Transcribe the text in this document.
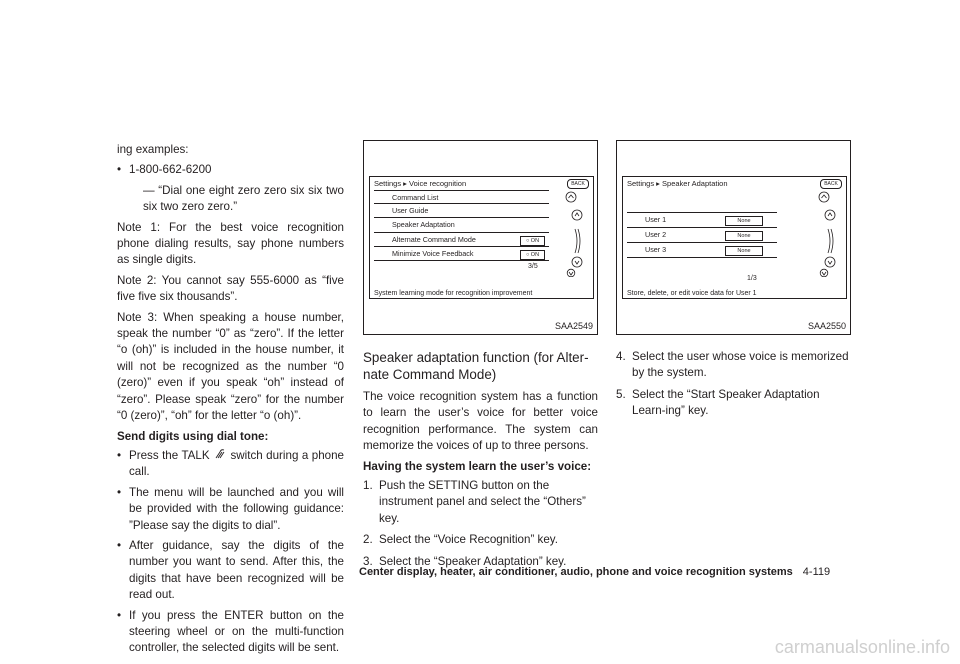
ing examples:

• 1-800-662-6200
— “Dial one eight zero zero six six two six two zero zero.”

Note 1: For the best voice recognition phone dialing results, say phone numbers as single digits.

Note 2: You cannot say 555-6000 as “five five five six thousands”.

Note 3: When speaking a house number, speak the number “0” as “zero”. If the letter “o (oh)” is included in the house number, it will not be recognized as the number “0 (zero)” even if you speak “oh” instead of “zero”. Please speak “zero” for the number “0 (zero)”, “oh” for the letter “o (oh)”.

Send digits using dial tone:
• Press the TALK switch during a phone call.
• The menu will be launched and you will be provided with the following guidance: ”Please say the digits to dial”.
• After guidance, say the digits of the number you want to send. After this, the digits that have been recognized will be read out.
• If you press the ENTER button on the steering wheel or on the multi-function controller, the selected digits will be sent.
Settings ▸ Voice recognition	BACK
Command List
User Guide
Speaker Adaptation
Alternate Command Mode	○ ON
Minimize Voice Feedback	○ ON
3/5
System learning mode for recognition improvement
SAA2549
Speaker adaptation function (for Alter-nate Command Mode)

The voice recognition system has a function to learn the user’s voice for better voice recognition performance. The system can memorize the voices of up to three persons.

Having the system learn the user’s voice:
1. Push the SETTING button on the instrument panel and select the “Others” key.
2. Select the “Voice Recognition” key.
3. Select the “Speaker Adaptation” key.
Settings ▸ Speaker Adaptation	BACK
User 1	None
User 2	None
User 3	None
1/3
Store, delete, or edit voice data for User 1
SAA2550
4. Select the user whose voice is memorized by the system.
5. Select the “Start Speaker Adaptation Learn-ing” key.
Center display, heater, air conditioner, audio, phone and voice recognition systems 4-119
carmanualsonline.info
